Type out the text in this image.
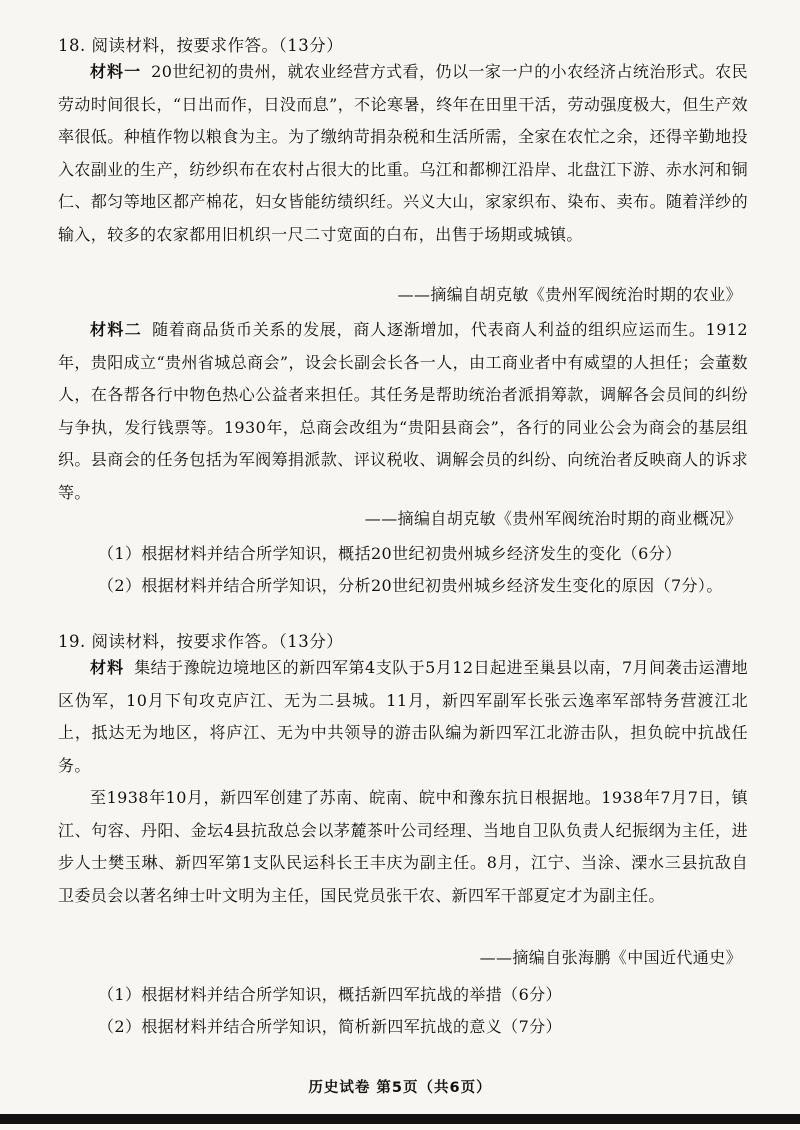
18. 阅读材料，按要求作答。（13分）
材料一 20世纪初的贵州，就农业经营方式看，仍以一家一户的小农经济占统治形式。农民劳动时间很长，“日出而作，日没而息”，不论寒暑，终年在田里干活，劳动强度极大，但生产效率很低。种植作物以粮食为主。为了缴纳苛捐杂税和生活所需，全家在农忙之余，还得辛勤地投入农副业的生产，纺纱织布在农村占很大的比重。乌江和都柳江沿岸、北盘江下游、赤水河和铜仁、都匀等地区都产棉花，妇女皆能纺绩织纴。兴义大山，家家织布、染布、卖布。随着洋纱的输入，较多的农家都用旧机织一尺二寸宽面的白布，出售于场期或城镇。
——摘编自胡克敏《贵州军阀统治时期的农业》
材料二 随着商品货币关系的发展，商人逐渐增加，代表商人利益的组织应运而生。1912年，贵阳成立“贵州省城总商会”，设会长副会长各一人，由工商业者中有威望的人担任；会董数人，在各帮各行中物色热心公益者来担任。其任务是帮助统治者派捐筹款，调解各会员间的纠纷与争执，发行钱票等。1930年，总商会改组为“贵阳县商会”，各行的同业公会为商会的基层组织。县商会的任务包括为军阀筹捐派款、评议税收、调解会员的纠纷、向统治者反映商人的诉求等。
——摘编自胡克敏《贵州军阀统治时期的商业概况》
（1）根据材料并结合所学知识，概括20世纪初贵州城乡经济发生的变化（6分）
（2）根据材料并结合所学知识，分析20世纪初贵州城乡经济发生变化的原因（7分）。
19. 阅读材料，按要求作答。（13分）
材料 集结于豫皖边境地区的新四军第4支队于5月12日起进至巢县以南，7月间袭击运漕地区伪军，10月下旬攻克庐江、无为二县城。11月，新四军副军长张云逸率军部特务营渡江北上，抵达无为地区，将庐江、无为中共领导的游击队编为新四军江北游击队，担负皖中抗战任务。
至1938年10月，新四军创建了苏南、皖南、皖中和豫东抗日根据地。1938年7月7日，镇江、句容、丹阳、金坛4县抗敌总会以茅麓茶叶公司经理、当地自卫队负责人纪振纲为主任，进步人士樊玉琳、新四军第1支队民运科长王丰庆为副主任。8月，江宁、当涂、溧水三县抗敌自卫委员会以著名绅士叶文明为主任，国民党员张干农、新四军干部夏定才为副主任。
——摘编自张海鹏《中国近代通史》
（1）根据材料并结合所学知识，概括新四军抗战的举措（6分）
（2）根据材料并结合所学知识，简析新四军抗战的意义（7分）
历史试卷 第5页（共6页）
